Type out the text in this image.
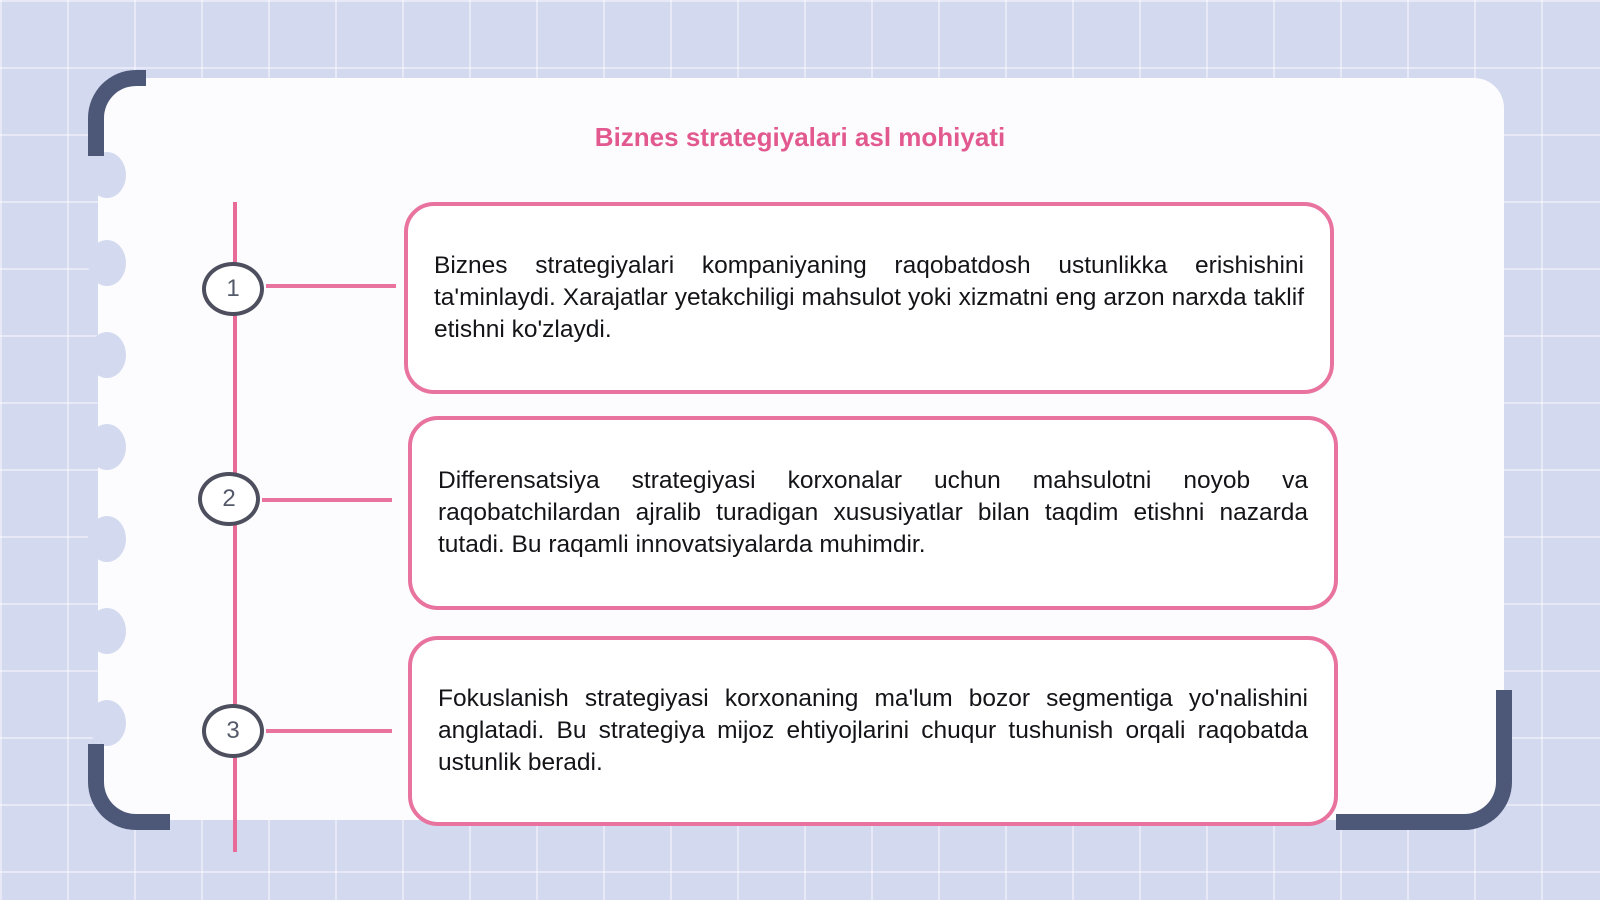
Biznes strategiyalari asl mohiyati
1

Biznes strategiyalari kompaniyaning raqobatdosh ustunlikka erishishini ta'minlaydi. Xarajatlar yetakchiligi mahsulot yoki xizmatni eng arzon narxda taklif etishni ko'zlaydi.

2

Differensatsiya strategiyasi korxonalar uchun mahsulotni noyob va raqobatchilardan ajralib turadigan xususiyatlar bilan taqdim etishni nazarda tutadi. Bu raqamli innovatsiyalarda muhimdir.

3

Fokuslanish strategiyasi korxonaning ma'lum bozor segmentiga yo'nalishini anglatadi. Bu strategiya mijoz ehtiyojlarini chuqur tushunish orqali raqobatda ustunlik beradi.
